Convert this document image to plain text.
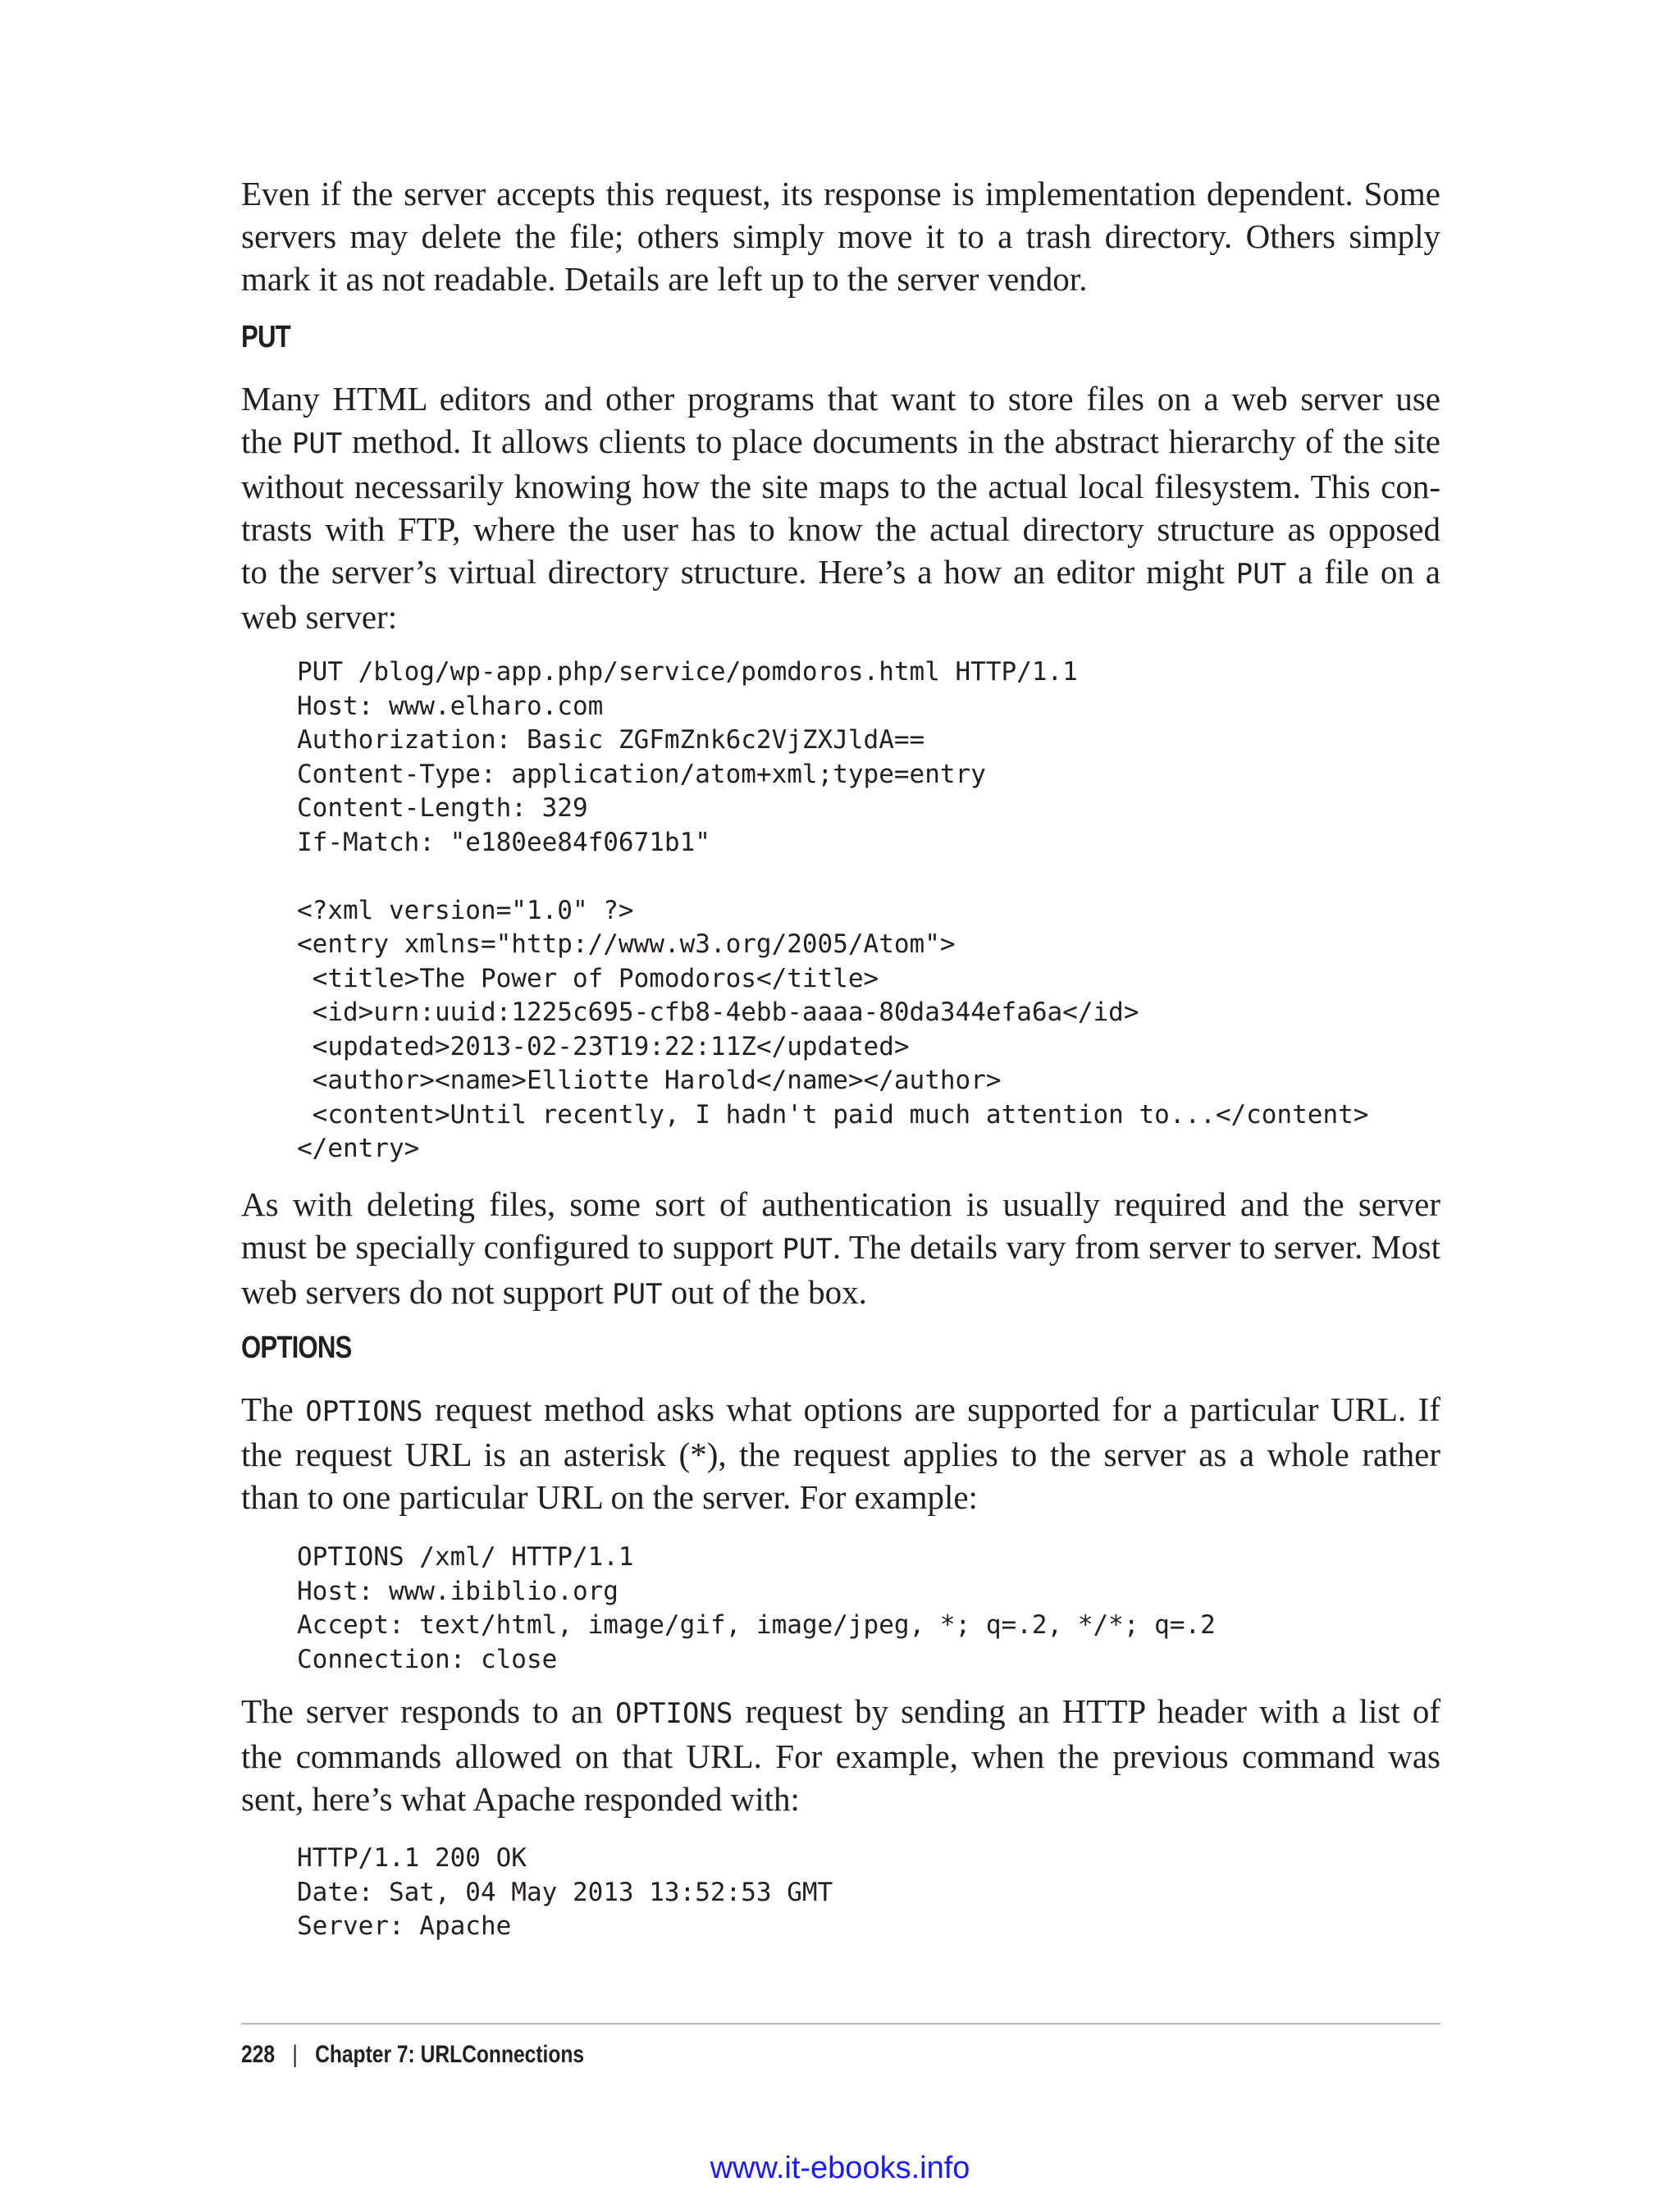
Even if the server accepts this request, its response is implementation dependent. Some
servers may delete the file; others simply move it to a trash directory. Others simply
mark it as not readable. Details are left up to the server vendor.

PUT

Many HTML editors and other programs that want to store files on a web server use
the PUT method. It allows clients to place documents in the abstract hierarchy of the site
without necessarily knowing how the site maps to the actual local filesystem. This con‐
trasts with FTP, where the user has to know the actual directory structure as opposed
to the server’s virtual directory structure. Here’s a how an editor might PUT a file on a
web server:

PUT /blog/wp-app.php/service/pomdoros.html HTTP/1.1
Host: www.elharo.com
Authorization: Basic ZGFmZnk6c2VjZXJldA==
Content-Type: application/atom+xml;type=entry
Content-Length: 329
If-Match: "e180ee84f0671b1"

<?xml version="1.0" ?>
<entry xmlns="http://www.w3.org/2005/Atom">
<title>The Power of Pomodoros</title>
<id>urn:uuid:1225c695-cfb8-4ebb-aaaa-80da344efa6a</id>
<updated>2013-02-23T19:22:11Z</updated>
<author><name>Elliotte Harold</name></author>
<content>Until recently, I hadn't paid much attention to...</content>
</entry>

As with deleting files, some sort of authentication is usually required and the server
must be specially configured to support PUT. The details vary from server to server. Most
web servers do not support PUT out of the box.

OPTIONS

The OPTIONS request method asks what options are supported for a particular URL. If
the request URL is an asterisk (*), the request applies to the server as a whole rather
than to one particular URL on the server. For example:

OPTIONS /xml/ HTTP/1.1
Host: www.ibiblio.org
Accept: text/html, image/gif, image/jpeg, *; q=.2, */*; q=.2
Connection: close

The server responds to an OPTIONS request by sending an HTTP header with a list of
the commands allowed on that URL. For example, when the previous command was
sent, here’s what Apache responded with:

HTTP/1.1 200 OK
Date: Sat, 04 May 2013 13:52:53 GMT
Server: Apache
228 | Chapter 7: URLConnections
www.it-ebooks.info
